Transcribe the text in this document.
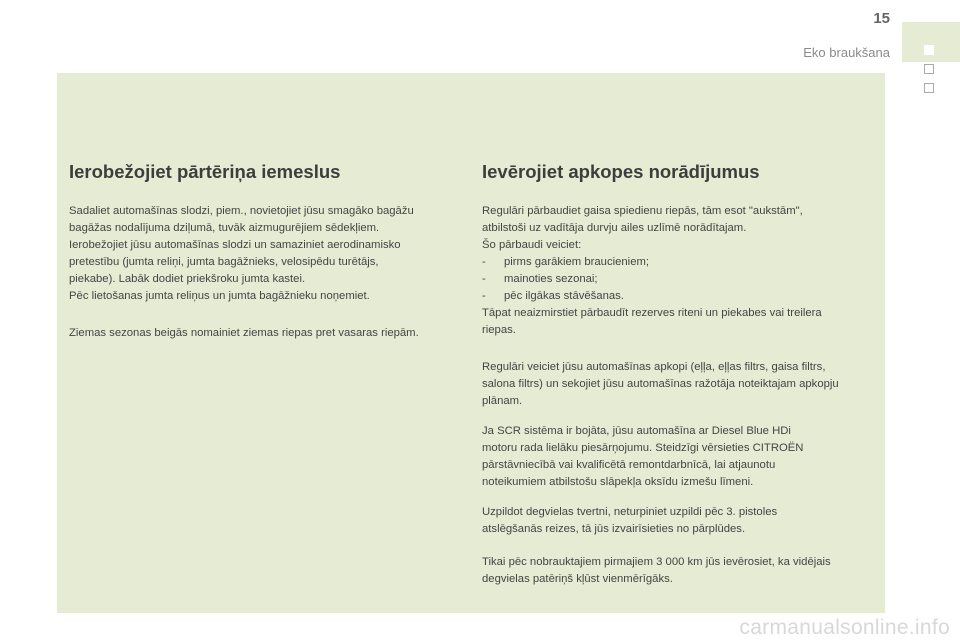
15
Eko braukšana
Ierobežojiet pārtēriņa iemeslus

Sadaliet automašīnas slodzi, piem., novietojiet jūsu smagāko bagāžu
bagāžas nodalījuma dziļumā, tuvāk aizmugurējiem sēdekļiem.
Ierobežojiet jūsu automašīnas slodzi un samaziniet aerodinamisko
pretestību (jumta reliņi, jumta bagāžnieks, velosipēdu turētājs,
piekabe). Labāk dodiet priekšroku jumta kastei.
Pēc lietošanas jumta reliņus un jumta bagāžnieku noņemiet.

Ziemas sezonas beigās nomainiet ziemas riepas pret vasaras riepām.

Ievērojiet apkopes norādījumus

Regulāri pārbaudiet gaisa spiedienu riepās, tām esot "aukstām",
atbilstoši uz vadītāja durvju ailes uzlīmē norādītajam.
Šo pārbaudi veiciet:
- pirms garākiem braucieniem;
- mainoties sezonai;
- pēc ilgākas stāvēšanas.
Tāpat neaizmirstiet pārbaudīt rezerves riteni un piekabes vai treilera
riepas.

Regulāri veiciet jūsu automašīnas apkopi (eļļa, eļļas filtrs, gaisa filtrs,
salona filtrs) un sekojiet jūsu automašīnas ražotāja noteiktajam apkopju
plānam.

Ja SCR sistēma ir bojāta, jūsu automašīna ar Diesel Blue HDi
motoru rada lielāku piesārņojumu. Steidzīgi vērsieties CITROËN
pārstāvniecībā vai kvalificētā remontdarbnīcā, lai atjaunotu
noteikumiem atbilstošu slāpekļa oksīdu izmešu līmeni.

Uzpildot degvielas tvertni, neturpiniet uzpildi pēc 3. pistoles
atslēgšanās reizes, tā jūs izvairīsieties no pārplūdes.

Tikai pēc nobrauktajiem pirmajiem 3 000 km jūs ievērosiet, ka vidējais
degvielas patēriņš kļūst vienmērīgāks.

carmanualsonline.info
